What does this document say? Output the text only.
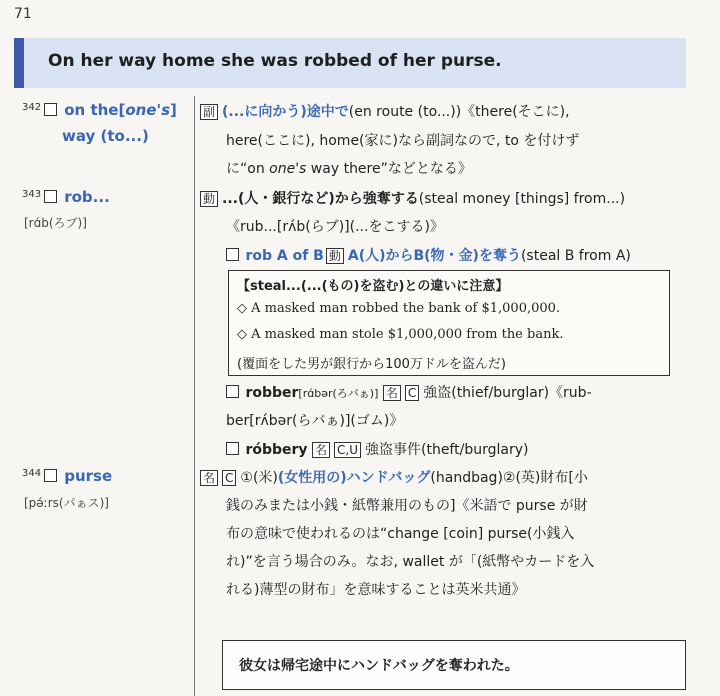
71
On her way home she was robbed of her purse.
342	on the[one's]
way (to...)
副 (...に向かう)途中で(en route (to...))《there(そこに),
here(ここに), home(家に)なら副詞なので, to を付けず
に“on one's way there”などとなる》
343	rob...
[rɑ́b(ろブ)]
動 ...(人・銀行など)から強奪する(steal money [things] from...)
《rub...[rʌ́b(らブ)](...をこする)》
rob A of B 動 A(人)からB(物・金)を奪う(steal B from A)
【steal...(...(もの)を盗む)との違いに注意】
◇ A masked man robbed the bank of $1,000,000.
◇ A masked man stole $1,000,000 from the bank.
(覆面をした男が銀行から100万ドルを盗んだ)
robber[rɑ́bər(ろバぁ)] 名 C 強盗(thief/burglar)《rub-
ber[rʌ́bər(らバぁ)](ゴム)》
róbbery 名 C,U 強盗事件(theft/burglary)
344	purse
[pə́ːrs(パぁス)]
名 C ①(米)(女性用の)ハンドバッグ(handbag)②(英)財布[小
銭のみまたは小銭・紙幣兼用のもの]《米語で purse が財
布の意味で使われるのは“change [coin] purse(小銭入
れ)”を言う場合のみ。なお, wallet が「(紙幣やカードを入
れる)薄型の財布」を意味することは英米共通》
彼女は帰宅途中にハンドバッグを奪われた。
